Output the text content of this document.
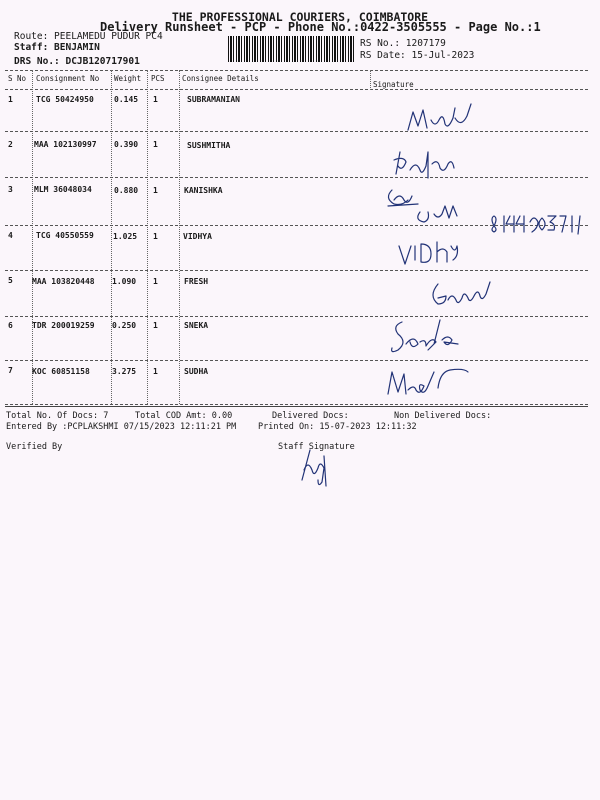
THE PROFESSIONAL COURIERS, COIMBATORE
Delivery Runsheet - PCP - Phone No.:0422-3505555 - Page No.:1
Route: PEELAMEDU PUDUR PC4
Staff: BENJAMIN
DRS No.: DCJB120717901
RS No.: 1207179
RS Date: 15-Jul-2023
S No Consignment No Weight PCS Consignee Details
Signature
1	TCG 50424950	0.145 1	SUBRAMANIAN
2	MAA 102130997 0.390 1	SUSHMITHA
3	MLM 36048034	0.880 1	KANISHKA
4	TCG 40550559 1.025 1	VIDHYA
5 MAA 103820448 1.090 1	FRESH
6 TDR 200019259 0.250 1	SNEKA
7 KOC 60851158	3.275 1	SUDHA
Total No. Of Docs: 7	Total COD Amt: 0.00	Delivered Docs:	Non Delivered Docs:
Entered By :PCPLAKSHMI 07/15/2023 12:11:21 PM	Printed On: 15-07-2023 12:11:32
Verified By	Staff Signature
